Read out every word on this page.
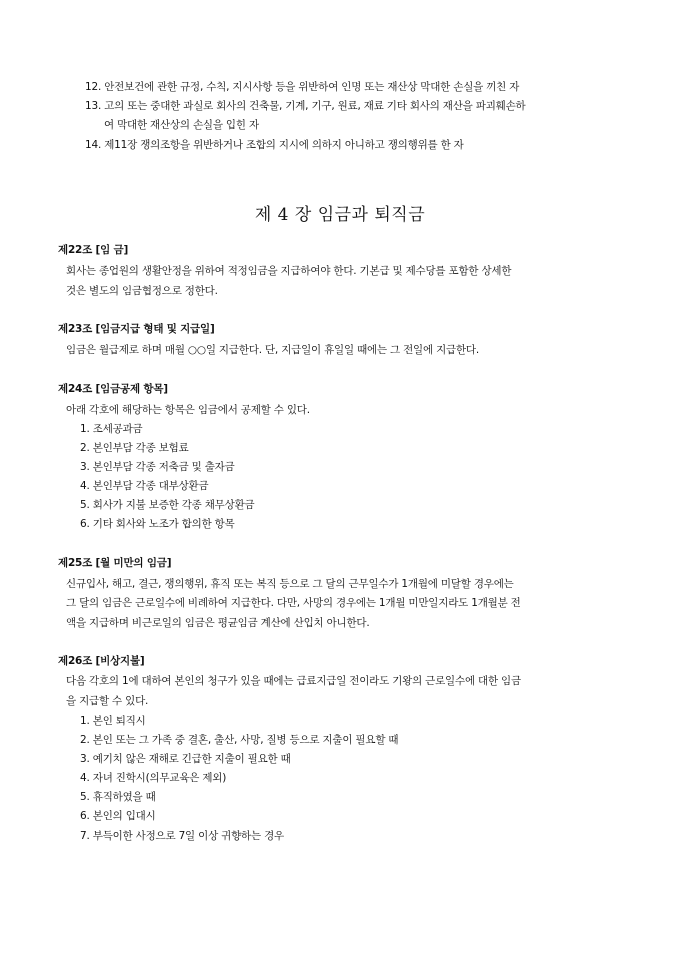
12. 안전보건에 관한 규정, 수칙, 지시사항 등을 위반하여 인명 또는 재산상 막대한 손실을 끼친 자
13. 고의 또는 중대한 과실로 회사의 건축물, 기계, 기구, 원료, 재료 기타 회사의 재산을 파괴훼손하
여 막대한 재산상의 손실을 입힌 자
14. 제11장 쟁의조항을 위반하거나 조합의 지시에 의하지 아니하고 쟁의행위를 한 자
제 4 장 임금과 퇴직금
제22조 [임 금]
회사는 종업원의 생활안정을 위하여 적정임금을 지급하여야 한다. 기본급 및 제수당를 포함한 상세한
것은 별도의 임금협정으로 정한다.
제23조 [임금지급 형태 및 지급일]
임금은 월급제로 하며 매월 ○○일 지급한다. 단, 지급일이 휴일일 때에는 그 전일에 지급한다.
제24조 [임금공제 항목]
아래 각호에 해당하는 항목은 임금에서 공제할 수 있다.
1. 조세공과금
2. 본인부담 각종 보험료
3. 본인부담 각종 저축금 및 출자금
4. 본인부담 각종 대부상환금
5. 회사가 지불 보증한 각종 채무상환금
6. 기타 회사와 노조가 합의한 항목
제25조 [월 미만의 임금]
신규입사, 해고, 결근, 쟁의행위, 휴직 또는 복직 등으로 그 달의 근무일수가 1개월에 미달할 경우에는
그 달의 임금은 근로일수에 비례하여 지급한다. 다만, 사망의 경우에는 1개월 미만일지라도 1개월분 전
액을 지급하며 비근로일의 임금은 평균임금 계산에 산입치 아니한다.
제26조 [비상지불]
다음 각호의 1에 대하여 본인의 청구가 있을 때에는 급료지급일 전이라도 기왕의 근로일수에 대한 임금
을 지급할 수 있다.
1. 본인 퇴직시
2. 본인 또는 그 가족 중 결혼, 출산, 사망, 질병 등으로 지출이 필요할 때
3. 예기치 않은 재해로 긴급한 지출이 필요한 때
4. 자녀 진학시(의무교육은 제외)
5. 휴직하였을 때
6. 본인의 입대시
7. 부득이한 사정으로 7일 이상 귀향하는 경우
